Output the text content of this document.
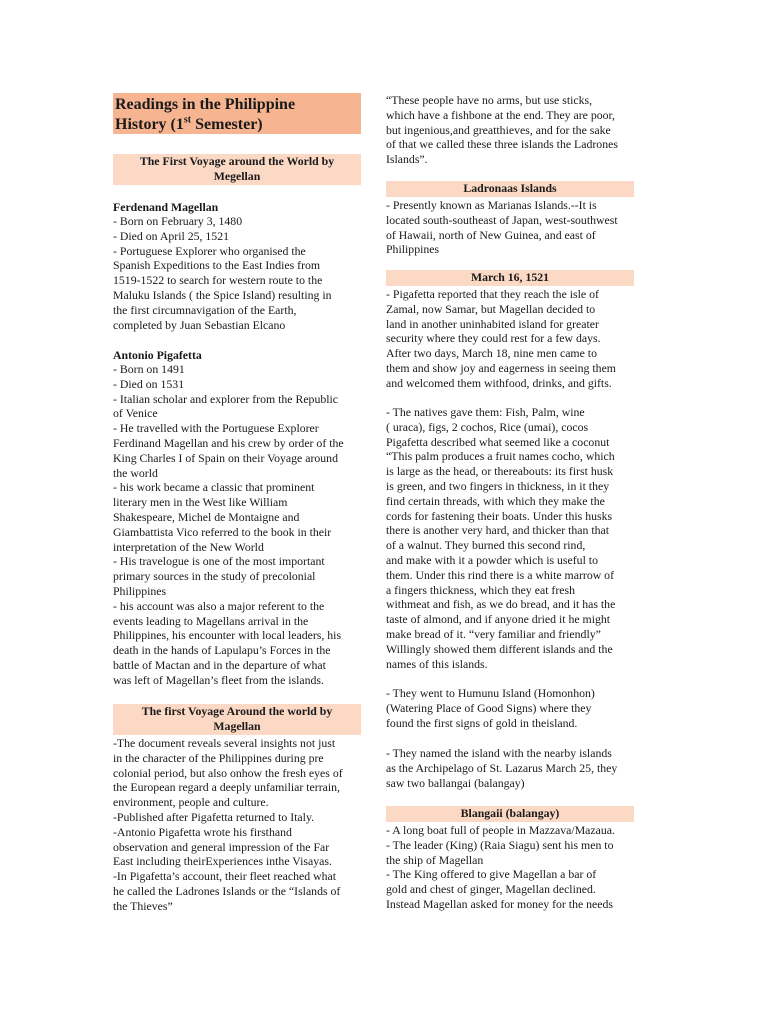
Readings in the Philippine
History (1st Semester)
The First Voyage around the World by
Megellan
Ferdenand Magellan
- Born on February 3, 1480
- Died on April 25, 1521
- Portuguese Explorer who organised the
Spanish Expeditions to the East Indies from
1519-1522 to search for western route to the
Maluku Islands ( the Spice Island) resulting in
the first circumnavigation of the Earth,
completed by Juan Sebastian Elcano
Antonio Pigafetta
- Born on 1491
- Died on 1531
- Italian scholar and explorer from the Republic
of Venice
- He travelled with the Portuguese Explorer
Ferdinand Magellan and his crew by order of the
King Charles I of Spain on their Voyage around
the world
- his work became a classic that prominent
literary men in the West like William
Shakespeare, Michel de Montaigne and
Giambattista Vico referred to the book in their
interpretation of the New World
- His travelogue is one of the most important
primary sources in the study of precolonial
Philippines
- his account was also a major referent to the
events leading to Magellans arrival in the
Philippines, his encounter with local leaders, his
death in the hands of Lapulapu’s Forces in the
battle of Mactan and in the departure of what
was left of Magellan’s fleet from the islands.
The first Voyage Around the world by
Magellan
-The document reveals several insights not just
in the character of the Philippines during pre
colonial period, but also onhow the fresh eyes of
the European regard a deeply unfamiliar terrain,
environment, people and culture.
-Published after Pigafetta returned to Italy.
-Antonio Pigafetta wrote his firsthand
observation and general impression of the Far
East including theirExperiences inthe Visayas.
-In Pigafetta’s account, their fleet reached what
he called the Ladrones Islands or the “Islands of
the Thieves”
“These people have no arms, but use sticks,
which have a fishbone at the end. They are poor,
but ingenious,and greatthieves, and for the sake
of that we called these three islands the Ladrones
Islands”.
Ladronaas Islands
- Presently known as Marianas Islands.--It is
located south-southeast of Japan, west-southwest
of Hawaii, north of New Guinea, and east of
Philippines
March 16, 1521
- Pigafetta reported that they reach the isle of
Zamal, now Samar, but Magellan decided to
land in another uninhabited island for greater
security where they could rest for a few days.
After two days, March 18, nine men came to
them and show joy and eagerness in seeing them
and welcomed them withfood, drinks, and gifts.
- The natives gave them: Fish, Palm, wine
( uraca), figs, 2 cochos, Rice (umai), cocos
Pigafetta described what seemed like a coconut
“This palm produces a fruit names cocho, which
is large as the head, or thereabouts: its first husk
is green, and two fingers in thickness, in it they
find certain threads, with which they make the
cords for fastening their boats. Under this husks
there is another very hard, and thicker than that
of a walnut. They burned this second rind,
and make with it a powder which is useful to
them. Under this rind there is a white marrow of
a fingers thickness, which they eat fresh
withmeat and fish, as we do bread, and it has the
taste of almond, and if anyone dried it he might
make bread of it. “very familiar and friendly”
Willingly showed them different islands and the
names of this islands.
- They went to Humunu Island (Homonhon)
(Watering Place of Good Signs) where they
found the first signs of gold in theisland.
- They named the island with the nearby islands
as the Archipelago of St. Lazarus March 25, they
saw two ballangai (balangay)
Blangaii (balangay)
- A long boat full of people in Mazzava/Mazaua.
- The leader (King) (Raia Siagu) sent his men to
the ship of Magellan
- The King offered to give Magellan a bar of
gold and chest of ginger, Magellan declined.
Instead Magellan asked for money for the needs
